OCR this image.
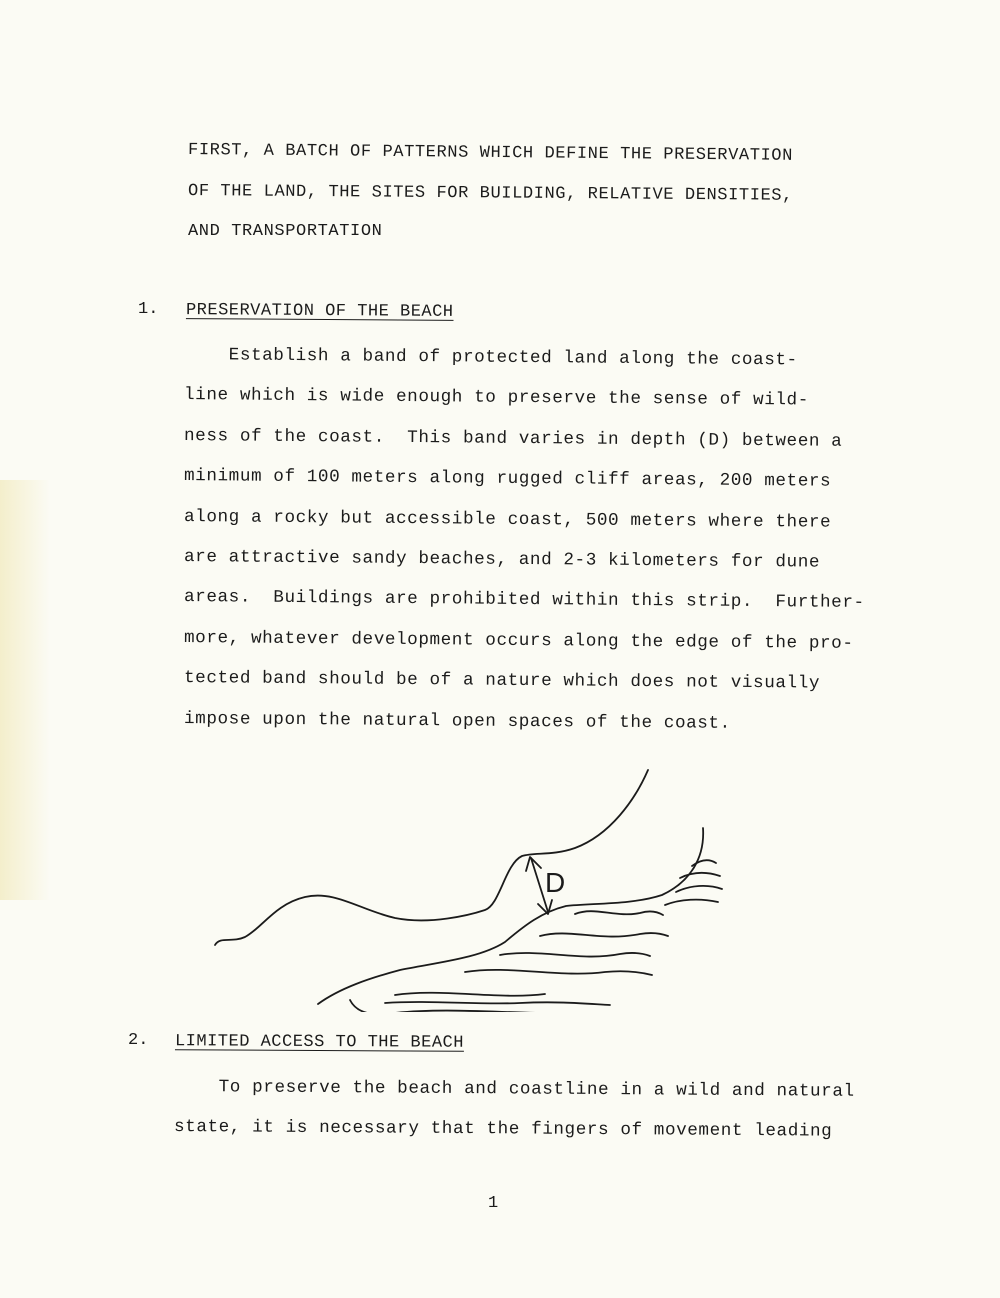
FIRST, A BATCH OF PATTERNS WHICH DEFINE THE PRESERVATION
OF THE LAND, THE SITES FOR BUILDING, RELATIVE DENSITIES,
AND TRANSPORTATION
1. PRESERVATION OF THE BEACH
Establish a band of protected land along the coast-
line which is wide enough to preserve the sense of wild-
ness of the coast.  This band varies in depth (D) between a
minimum of 100 meters along rugged cliff areas, 200 meters
along a rocky but accessible coast, 500 meters where there
are attractive sandy beaches, and 2-3 kilometers for dune
areas.  Buildings are prohibited within this strip.  Further-
more, whatever development occurs along the edge of the pro-
tected band should be of a nature which does not visually
impose upon the natural open spaces of the coast.
D
2. LIMITED ACCESS TO THE BEACH
To preserve the beach and coastline in a wild and natural
state, it is necessary that the fingers of movement leading
1
